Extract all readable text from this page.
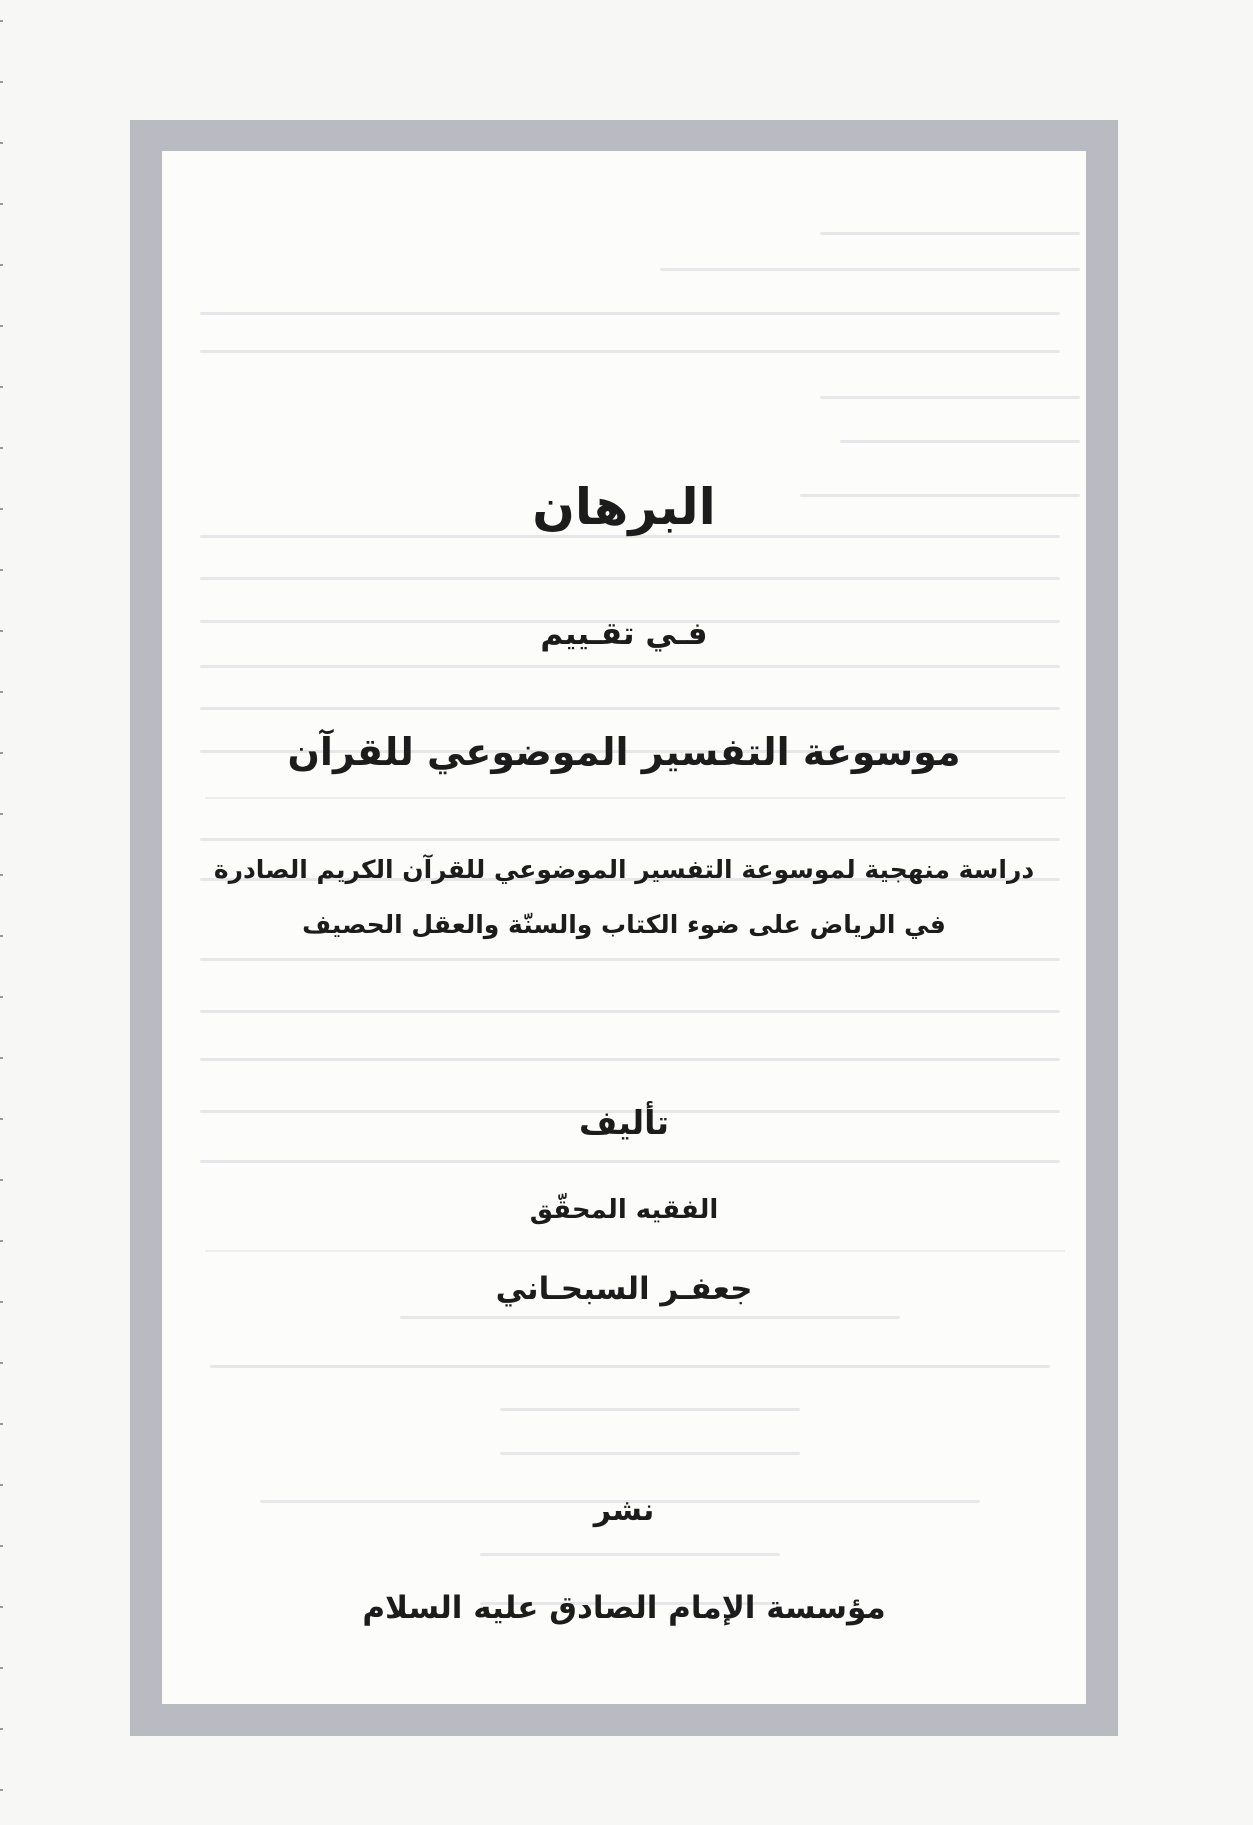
البرهان
فـي تقـييم
موسوعة التفسير الموضوعي للقرآن
دراسة منهجية لموسوعة التفسير الموضوعي للقرآن الكريم الصادرة
في الرياض على ضوء الكتاب والسنّة والعقل الحصيف
تأليف
الفقيه المحقّق
جعفـر السبحـاني
نشر
مؤسسة الإمام الصادق عليه السلام
